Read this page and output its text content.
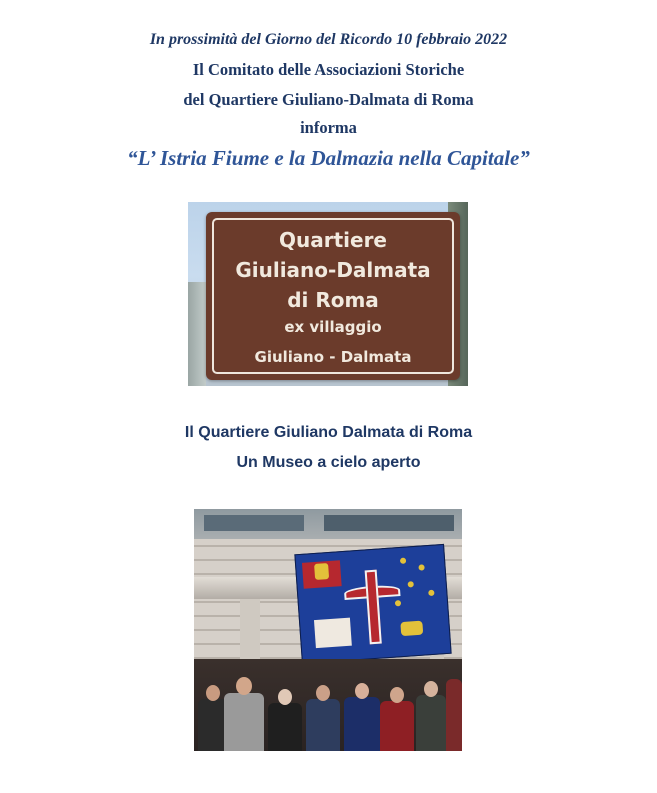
In prossimità del Giorno del Ricordo 10 febbraio 2022
Il Comitato delle Associazioni Storiche
del Quartiere Giuliano-Dalmata di Roma
informa
“L’ Istria Fiume e la Dalmazia nella Capitale”
Quartiere
Giuliano-Dalmata
di Roma
ex villaggio
Giuliano - Dalmata
Il Quartiere Giuliano Dalmata di Roma
Un Museo a cielo aperto
